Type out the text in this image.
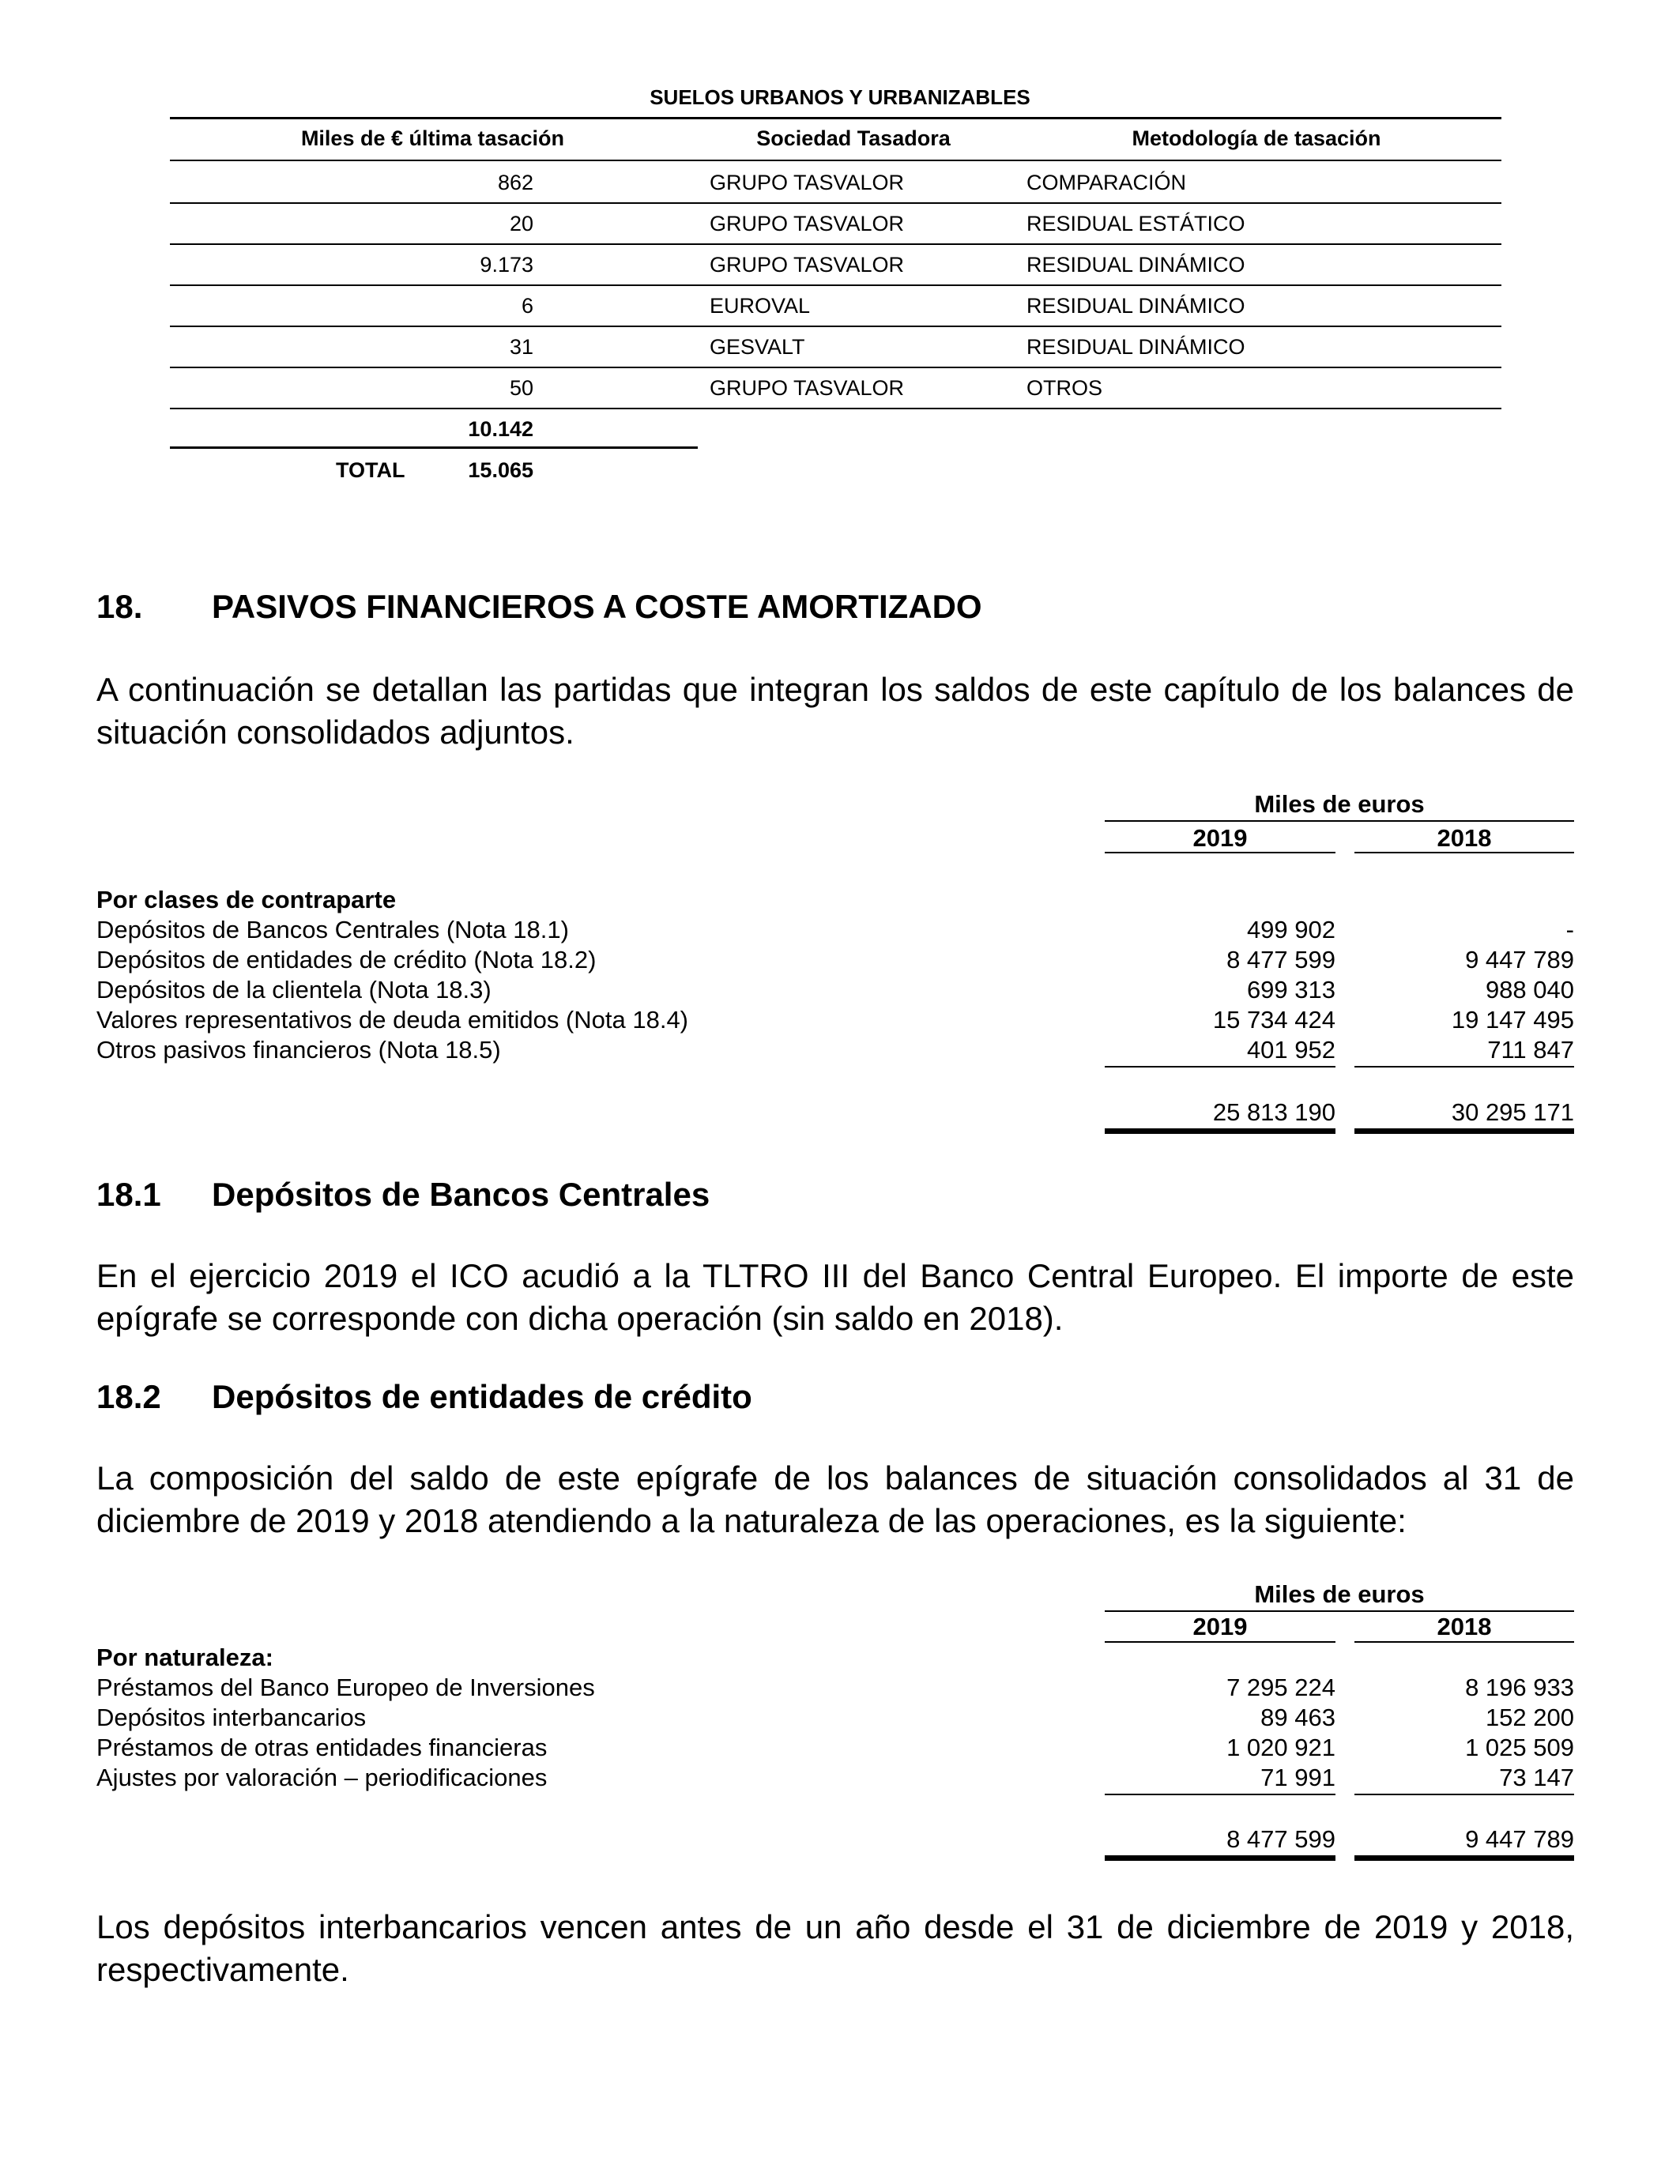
SUELOS URBANOS Y URBANIZABLES
Miles de € última tasación	Sociedad Tasadora	Metodología de tasación
862	GRUPO TASVALOR	COMPARACIÓN
20	GRUPO TASVALOR	RESIDUAL ESTÁTICO
9.173	GRUPO TASVALOR	RESIDUAL DINÁMICO
6	EUROVAL	RESIDUAL DINÁMICO
31	GESVALT	RESIDUAL DINÁMICO
50	GRUPO TASVALOR	OTROS
10.142
TOTAL	15.065
18. PASIVOS FINANCIEROS A COSTE AMORTIZADO
A continuación se detallan las partidas que integran los saldos de este capítulo de los balances de situación consolidados adjuntos.
Miles de euros
2019	2018
Por clases de contraparte
Depósitos de Bancos Centrales (Nota 18.1)	499 902	-
Depósitos de entidades de crédito (Nota 18.2)	8 477 599	9 447 789
Depósitos de la clientela (Nota 18.3)	699 313	988 040
Valores representativos de deuda emitidos (Nota 18.4)	15 734 424	19 147 495
Otros pasivos financieros (Nota 18.5)	401 952	711 847
25 813 190	30 295 171
18.1 Depósitos de Bancos Centrales
En el ejercicio 2019 el ICO acudió a la TLTRO III del Banco Central Europeo. El importe de este epígrafe se corresponde con dicha operación (sin saldo en 2018).
18.2 Depósitos de entidades de crédito
La composición del saldo de este epígrafe de los balances de situación consolidados al 31 de diciembre de 2019 y 2018 atendiendo a la naturaleza de las operaciones, es la siguiente:
Miles de euros
2019	2018
Por naturaleza:
Préstamos del Banco Europeo de Inversiones	7 295 224	8 196 933
Depósitos interbancarios	89 463	152 200
Préstamos de otras entidades financieras	1 020 921	1 025 509
Ajustes por valoración – periodificaciones	71 991	73 147
8 477 599	9 447 789
Los depósitos interbancarios vencen antes de un año desde el 31 de diciembre de 2019 y 2018, respectivamente.
